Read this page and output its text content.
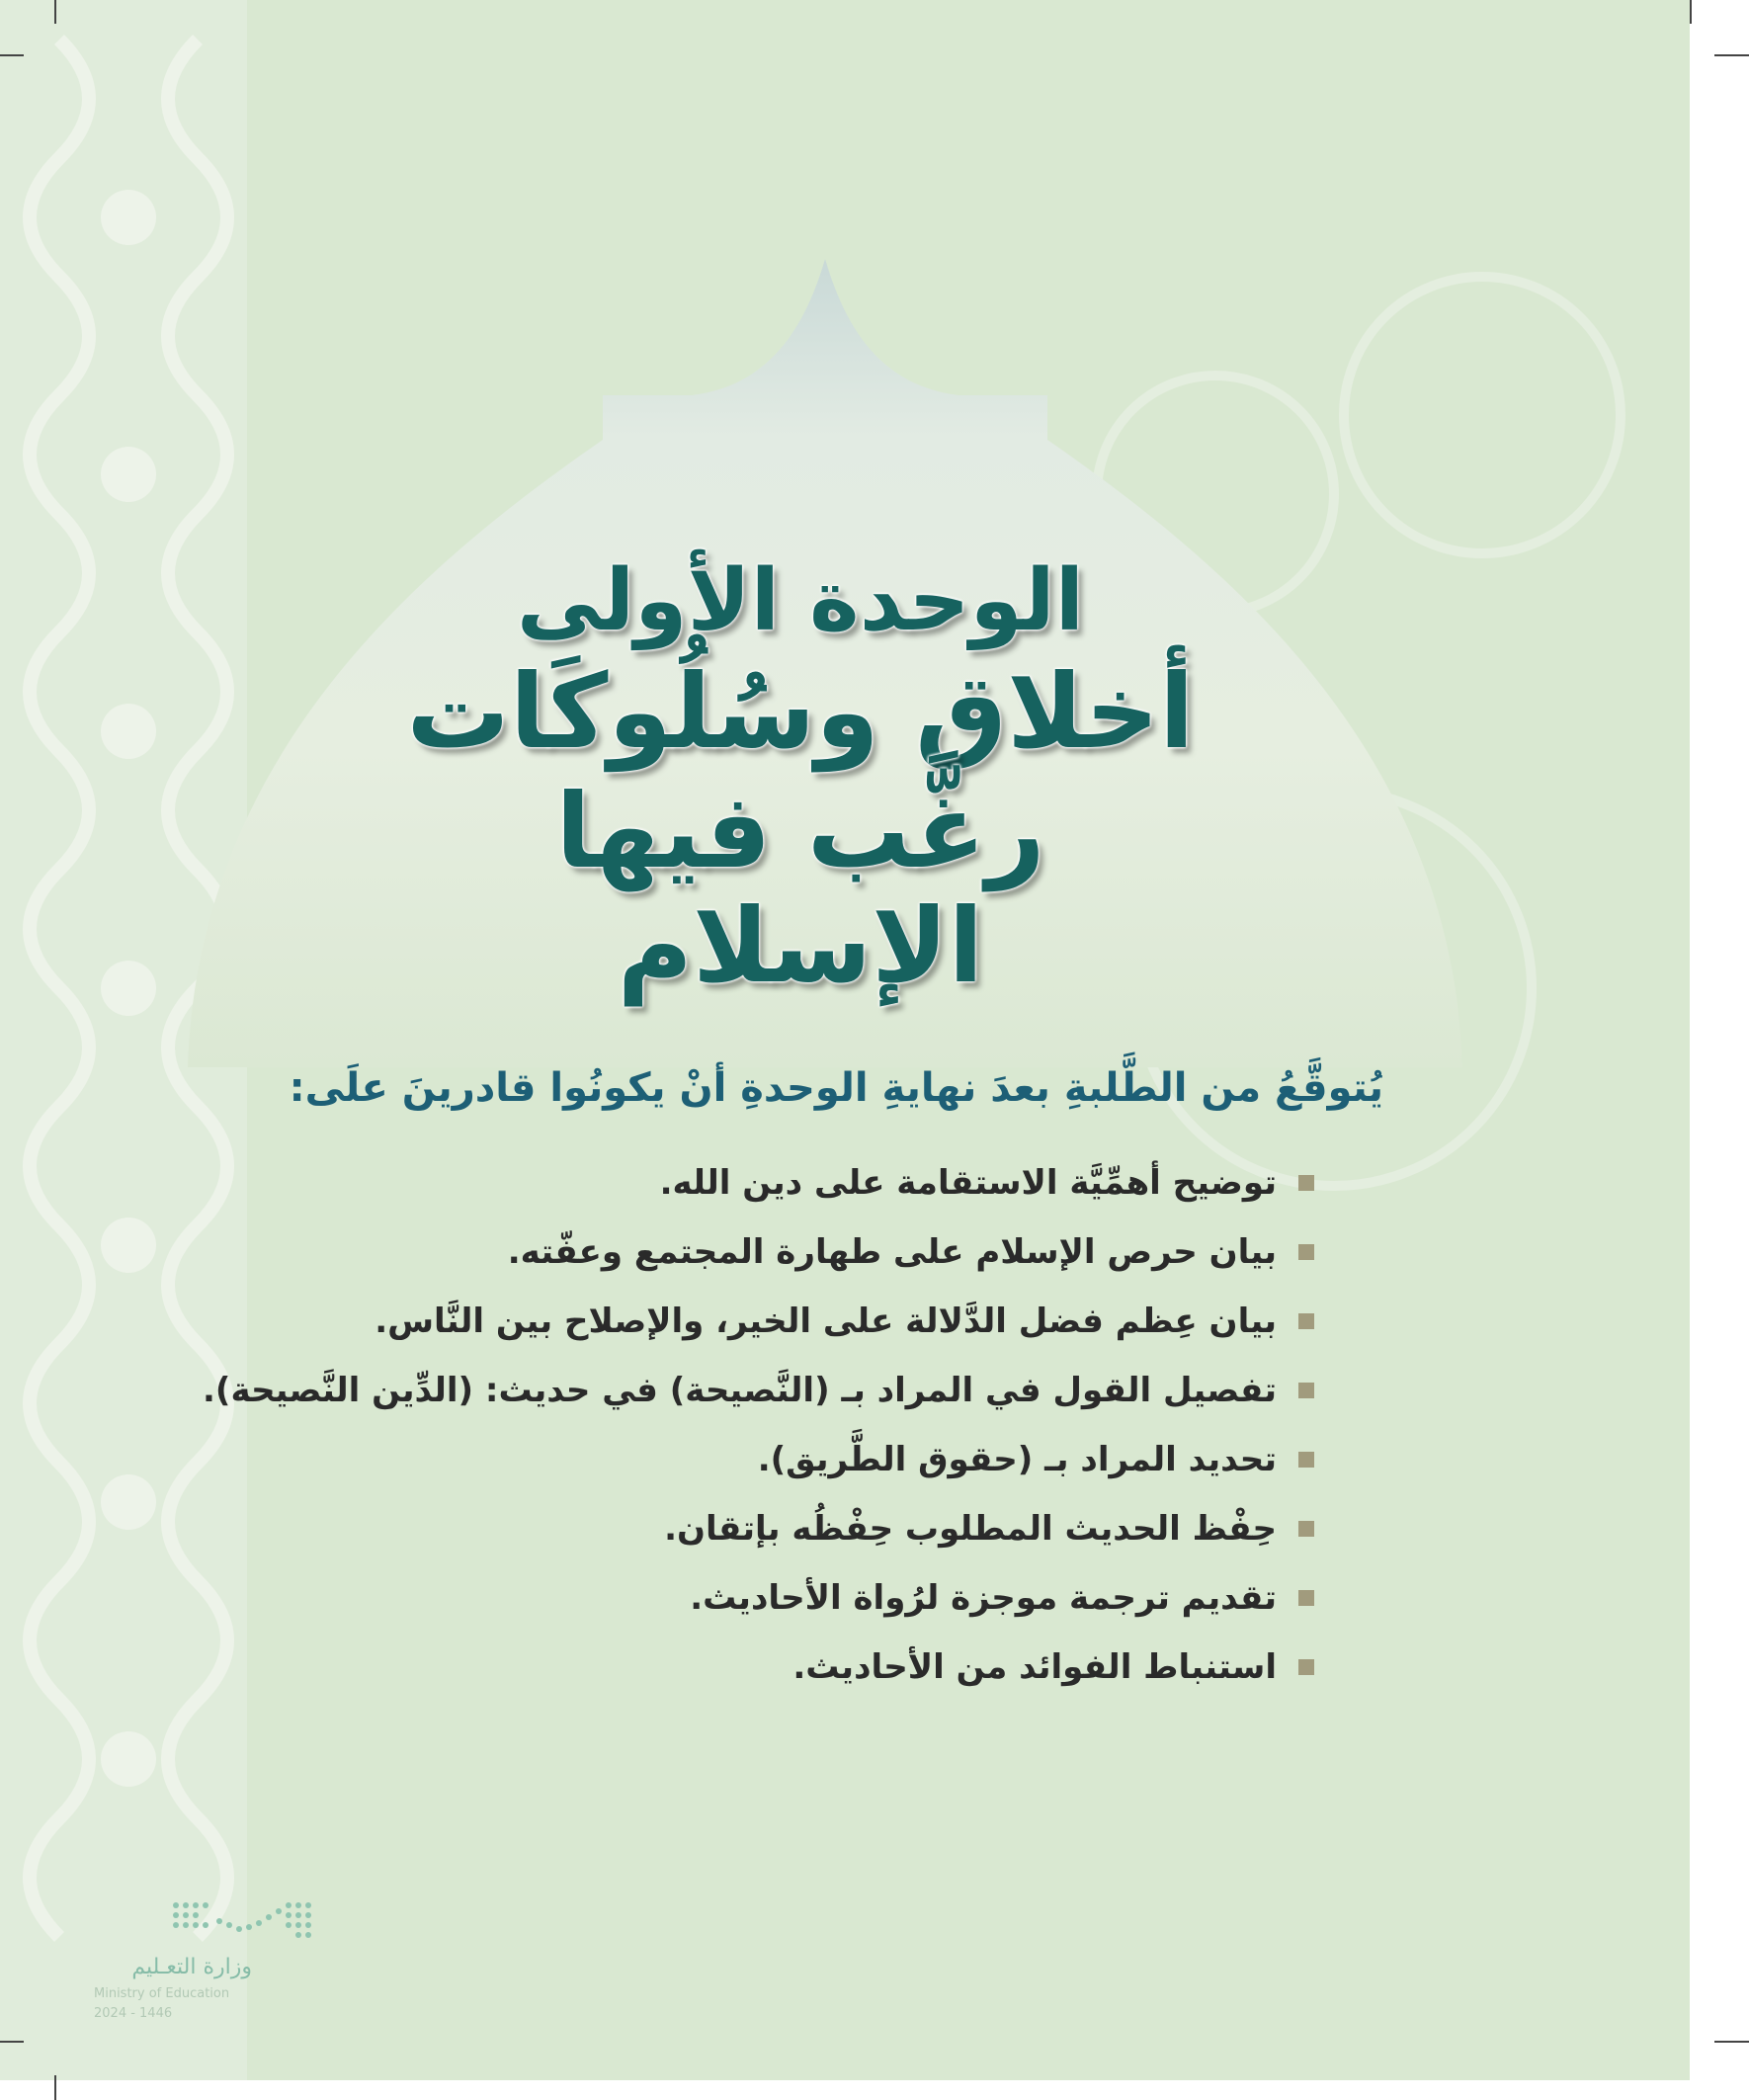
الوحدة الأولى
أخلاق وسُلُوكَات
رغَّب فيها الإسلام

يُتوقَّعُ من الطَّلبةِ بعدَ نهايةِ الوحدةِ أنْ يكونُوا قادرينَ علَى:

توضيح أهمِّيَّة الاستقامة على دين الله.
بيان حرص الإسلام على طهارة المجتمع وعفّته.
بيان عِظم فضل الدَّلالة على الخير، والإصلاح بين النَّاس.
تفصيل القول في المراد بـ (النَّصيحة) في حديث: (الدِّين النَّصيحة).
تحديد المراد بـ (حقوق الطَّريق).
حِفْظ الحديث المطلوب حِفْظُه بإتقان.
تقديم ترجمة موجزة لرُواة الأحاديث.
استنباط الفوائد من الأحاديث.
وزارة التعـليم
Ministry of Education
2024 - 1446
